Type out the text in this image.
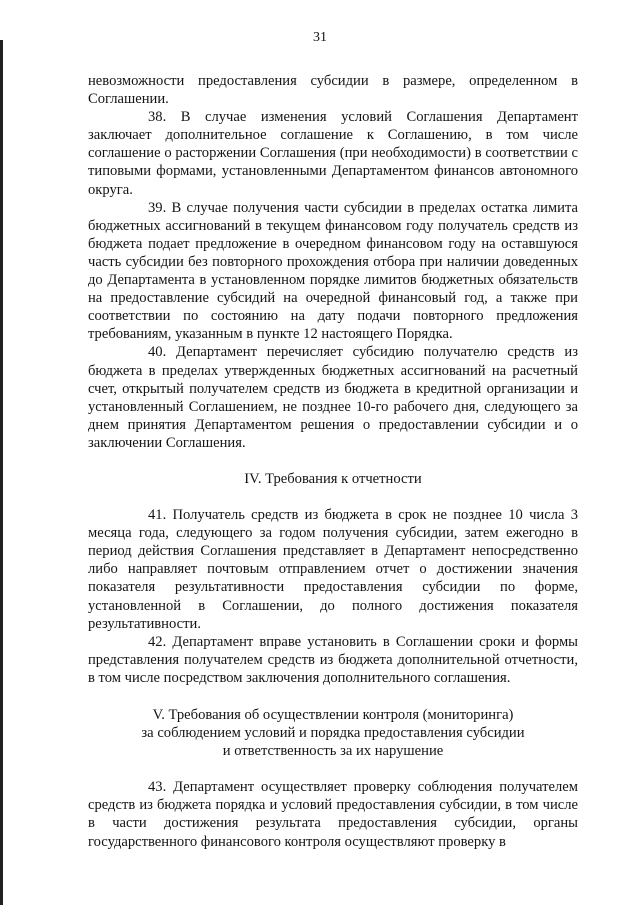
31

невозможности предоставления субсидии в размере, определенном в Соглашении.

38. В случае изменения условий Соглашения Департамент заключает дополнительное соглашение к Соглашению, в том числе соглашение о расторжении Соглашения (при необходимости) в соответствии с типовыми формами, установленными Департаментом финансов автономного округа.

39. В случае получения части субсидии в пределах остатка лимита бюджетных ассигнований в текущем финансовом году получатель средств из бюджета подает предложение в очередном финансовом году на оставшуюся часть субсидии без повторного прохождения отбора при наличии доведенных до Департамента в установленном порядке лимитов бюджетных обязательств на предоставление субсидий на очередной финансовый год, а также при соответствии по состоянию на дату подачи повторного предложения требованиям, указанным в пункте 12 настоящего Порядка.

40. Департамент перечисляет субсидию получателю средств из бюджета в пределах утвержденных бюджетных ассигнований на расчетный счет, открытый получателем средств из бюджета в кредитной организации и установленный Соглашением, не позднее 10-го рабочего дня, следующего за днем принятия Департаментом решения о предоставлении субсидии и о заключении Соглашения.

IV. Требования к отчетности

41. Получатель средств из бюджета в срок не позднее 10 числа 3 месяца года, следующего за годом получения субсидии, затем ежегодно в период действия Соглашения представляет в Департамент непосредственно либо направляет почтовым отправлением отчет о достижении значения показателя результативности предоставления субсидии по форме, установленной в Соглашении, до полного достижения показателя результативности.

42. Департамент вправе установить в Соглашении сроки и формы представления получателем средств из бюджета дополнительной отчетности, в том числе посредством заключения дополнительного соглашения.

V. Требования об осуществлении контроля (мониторинга)
за соблюдением условий и порядка предоставления субсидии
и ответственность за их нарушение

43. Департамент осуществляет проверку соблюдения получателем средств из бюджета порядка и условий предоставления субсидии, в том числе в части достижения результата предоставления субсидии, органы государственного финансового контроля осуществляют проверку в
